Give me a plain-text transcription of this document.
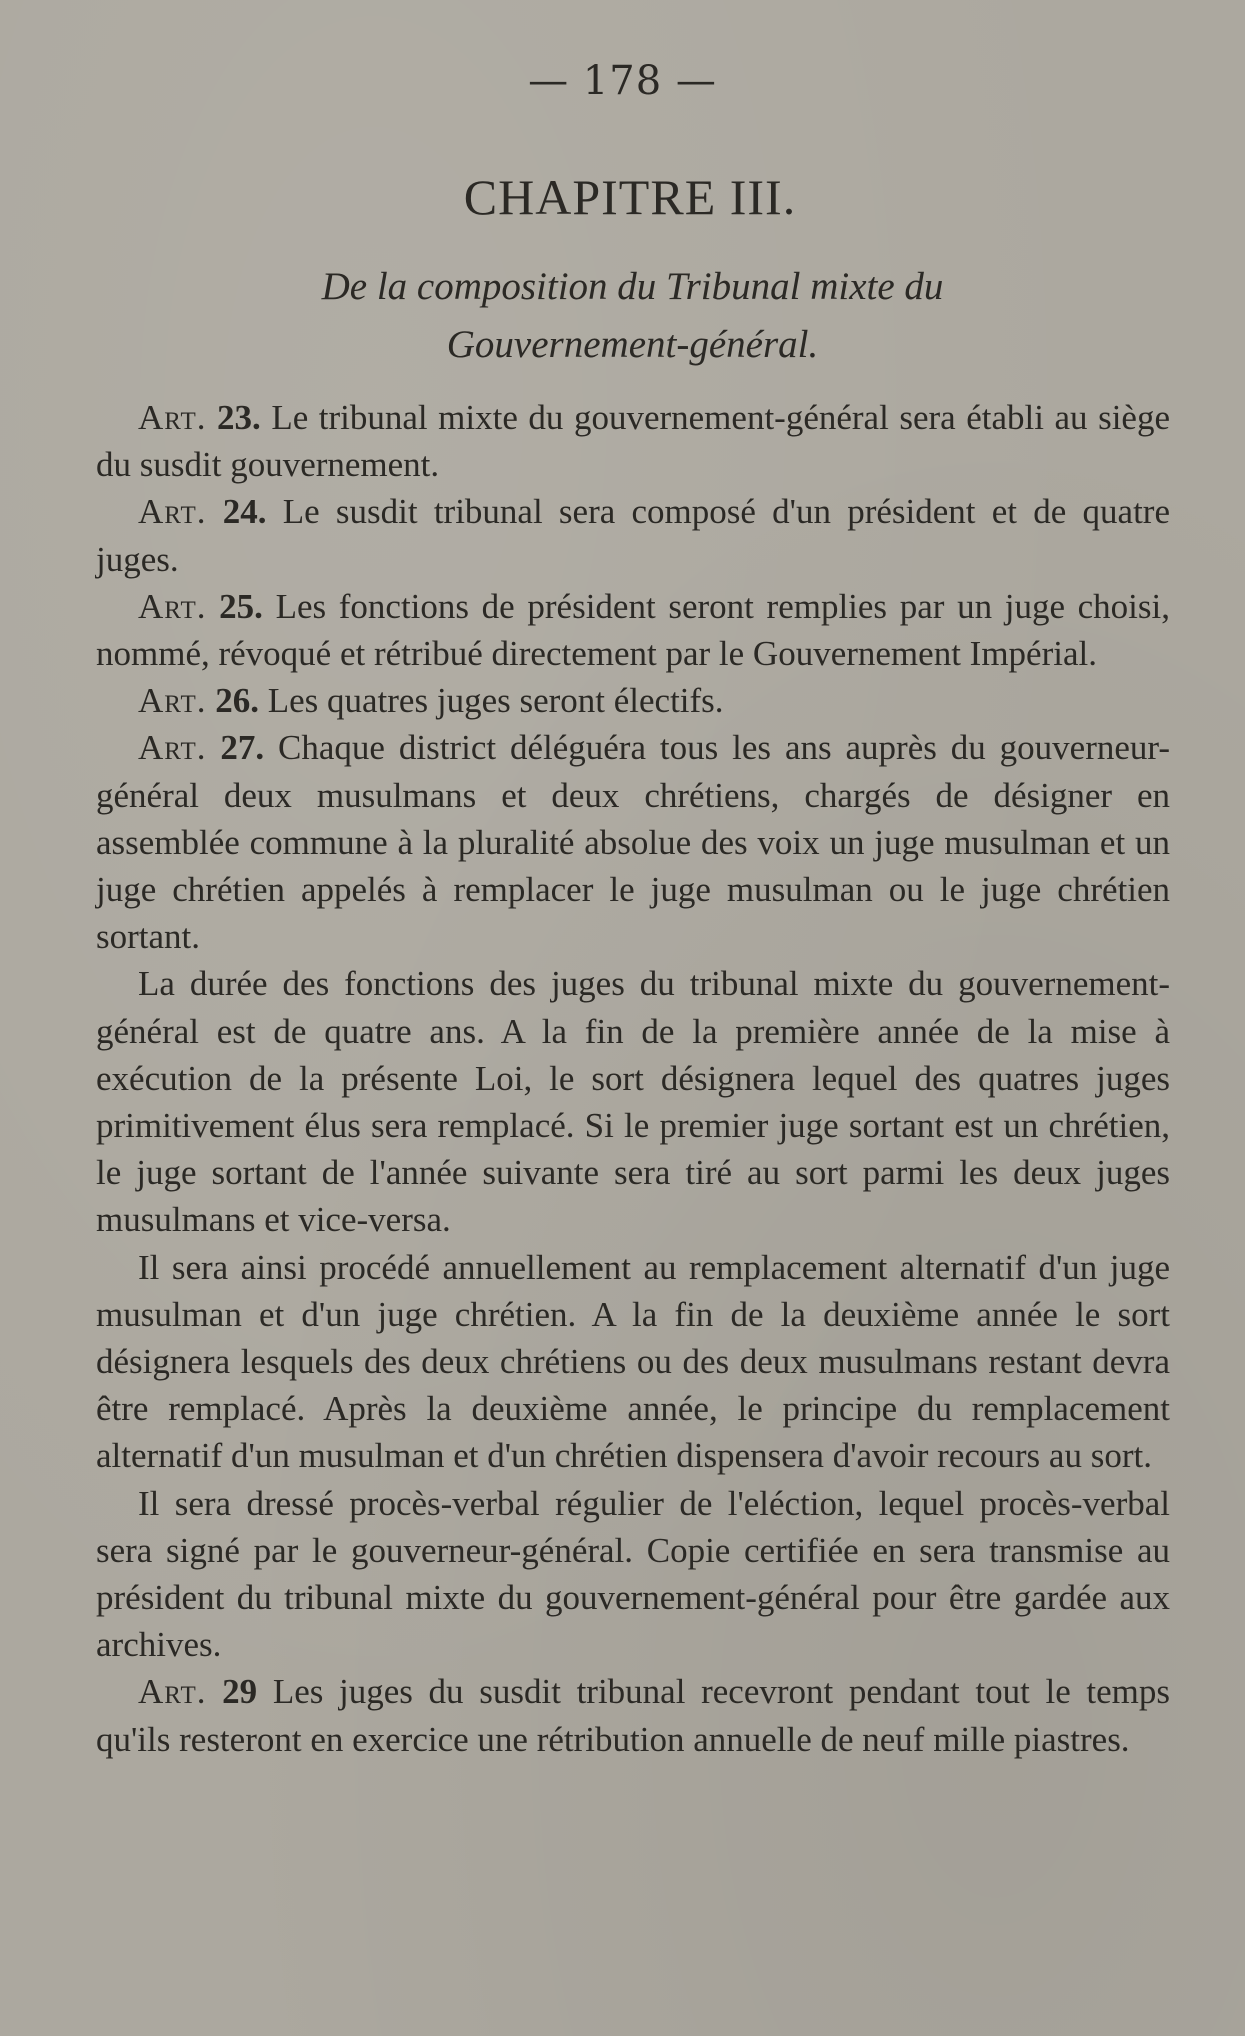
— 178 —
CHAPITRE III.
De la composition du Tribunal mixte du
Gouvernement-général.

Art. 23. Le tribunal mixte du gouvernement-général sera établi au siège du susdit gouvernement.

Art. 24. Le susdit tribunal sera composé d'un président et de quatre juges.

Art. 25. Les fonctions de président seront remplies par un juge choisi, nommé, révoqué et rétribué directement par le Gouvernement Impérial.

Art. 26. Les quatres juges seront électifs.

Art. 27. Chaque district déléguéra tous les ans auprès du gouverneur-général deux musulmans et deux chrétiens, chargés de désigner en assemblée commune à la pluralité absolue des voix un juge musulman et un juge chrétien appelés à remplacer le juge musulman ou le juge chrétien sortant.

La durée des fonctions des juges du tribunal mixte du gouvernement-général est de quatre ans. A la fin de la première année de la mise à exécution de la présente Loi, le sort désignera lequel des quatres juges primitivement élus sera remplacé. Si le premier juge sortant est un chrétien, le juge sortant de l'année suivante sera tiré au sort parmi les deux juges musulmans et vice-versa.

Il sera ainsi procédé annuellement au remplacement alternatif d'un juge musulman et d'un juge chrétien. A la fin de la deuxième année le sort désignera lesquels des deux chrétiens ou des deux musulmans restant devra être remplacé. Après la deuxième année, le principe du remplacement alternatif d'un musulman et d'un chrétien dispensera d'avoir recours au sort.

Il sera dressé procès-verbal régulier de l'eléction, lequel procès-verbal sera signé par le gouverneur-général. Copie certifiée en sera transmise au président du tribunal mixte du gouvernement-général pour être gardée aux archives.

Art. 29 Les juges du susdit tribunal recevront pendant tout le temps qu'ils resteront en exercice une rétribution annuelle de neuf mille piastres.
